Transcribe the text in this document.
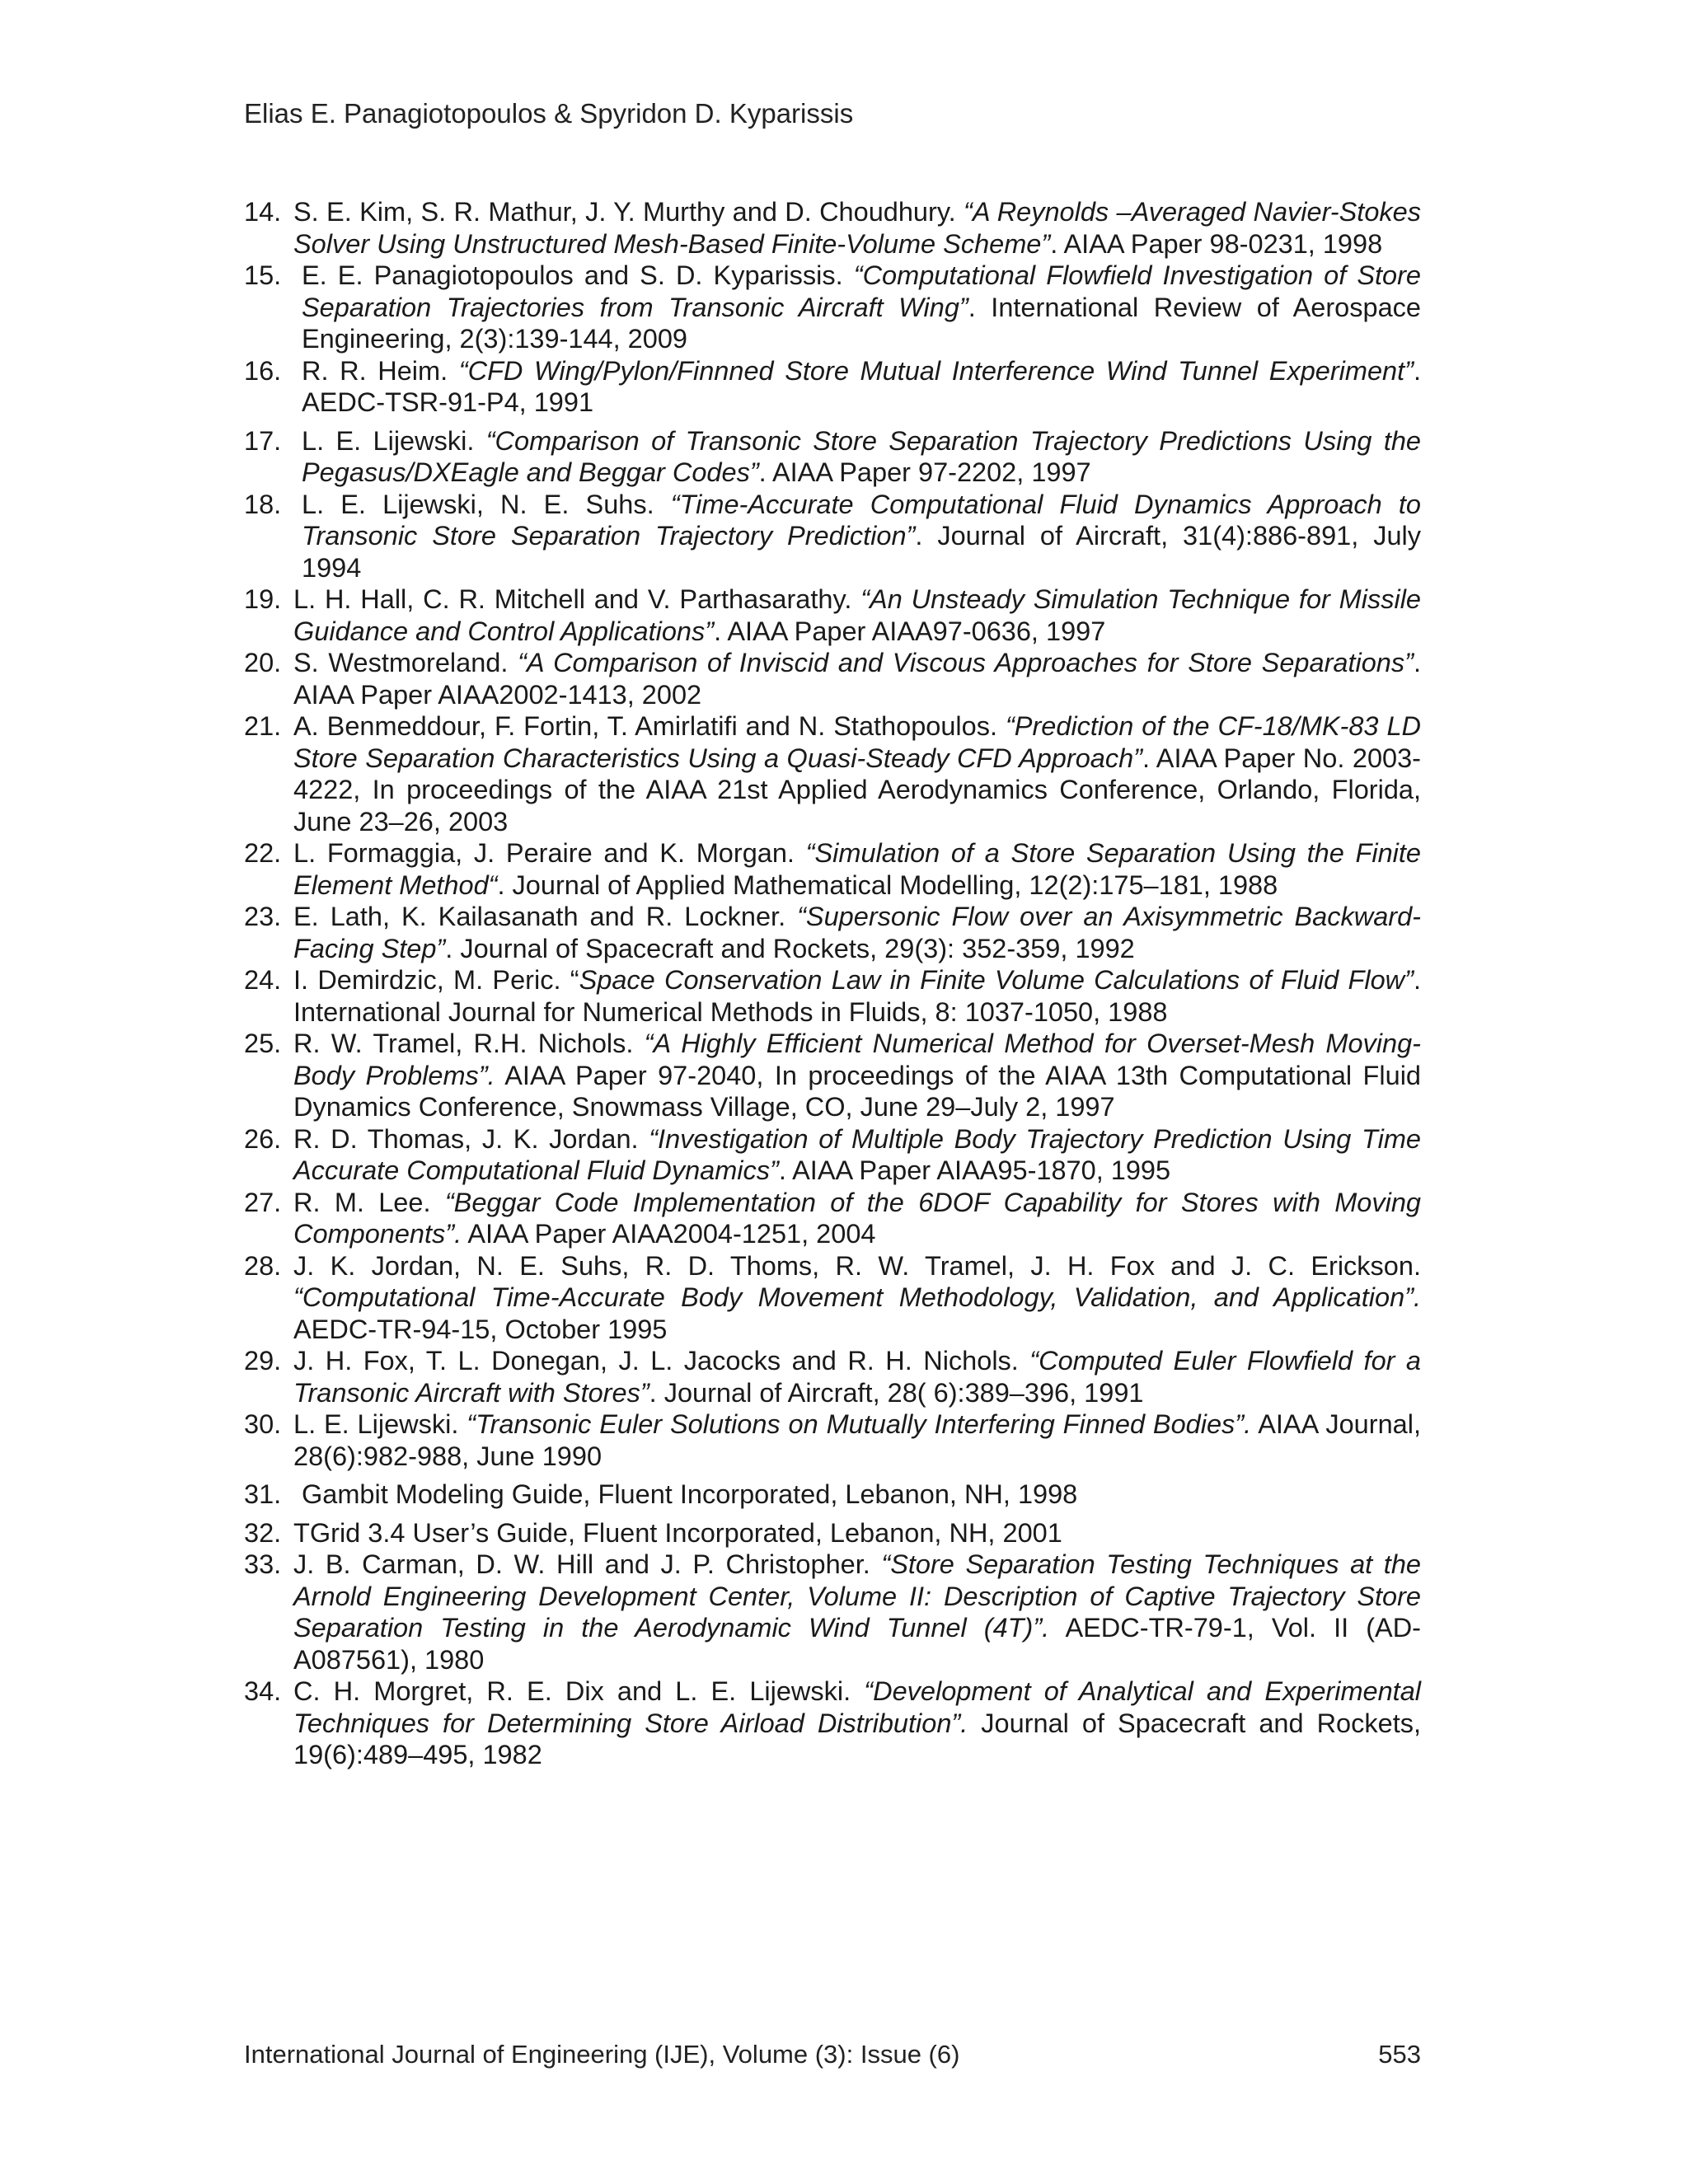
Elias E. Panagiotopoulos & Spyridon D. Kyparissis
14. S. E. Kim, S. R. Mathur, J. Y. Murthy and D. Choudhury. “A Reynolds –Averaged Navier-Stokes Solver Using Unstructured Mesh-Based Finite-Volume Scheme”. AIAA Paper 98-0231, 1998
15. E. E. Panagiotopoulos and S. D. Kyparissis. “Computational Flowfield Investigation of Store Separation Trajectories from Transonic Aircraft Wing”. International Review of Aerospace Engineering, 2(3):139-144, 2009
16. R. R. Heim. “CFD Wing/Pylon/Finnned Store Mutual Interference Wind Tunnel Experiment”. AEDC-TSR-91-P4, 1991
17. L. E. Lijewski. “Comparison of Transonic Store Separation Trajectory Predictions Using the Pegasus/DXEagle and Beggar Codes”. AIAA Paper 97-2202, 1997
18. L. E. Lijewski, N. E. Suhs. “Time-Accurate Computational Fluid Dynamics Approach to Transonic Store Separation Trajectory Prediction”. Journal of Aircraft, 31(4):886-891, July 1994
19. L. H. Hall, C. R. Mitchell and V. Parthasarathy. “An Unsteady Simulation Technique for Missile Guidance and Control Applications”. AIAA Paper AIAA97-0636, 1997
20. S. Westmoreland. “A Comparison of Inviscid and Viscous Approaches for Store Separations”. AIAA Paper AIAA2002-1413, 2002
21. A. Benmeddour, F. Fortin, T. Amirlatifi and N. Stathopoulos. “Prediction of the CF-18/MK-83 LD Store Separation Characteristics Using a Quasi-Steady CFD Approach”. AIAA Paper No. 2003-4222, In proceedings of the AIAA 21st Applied Aerodynamics Conference, Orlando, Florida, June 23–26, 2003
22. L. Formaggia, J. Peraire and K. Morgan. “Simulation of a Store Separation Using the Finite Element Method“. Journal of Applied Mathematical Modelling, 12(2):175–181, 1988
23. E. Lath, K. Kailasanath and R. Lockner. “Supersonic Flow over an Axisymmetric Backward-Facing Step”. Journal of Spacecraft and Rockets, 29(3): 352-359, 1992
24. I. Demirdzic, M. Peric. “Space Conservation Law in Finite Volume Calculations of Fluid Flow”. International Journal for Numerical Methods in Fluids, 8: 1037-1050, 1988
25. R. W. Tramel, R.H. Nichols. “A Highly Efficient Numerical Method for Overset-Mesh Moving-Body Problems”. AIAA Paper 97-2040, In proceedings of the AIAA 13th Computational Fluid Dynamics Conference, Snowmass Village, CO, June 29–July 2, 1997
26. R. D. Thomas, J. K. Jordan. “Investigation of Multiple Body Trajectory Prediction Using Time Accurate Computational Fluid Dynamics”. AIAA Paper AIAA95-1870, 1995
27. R. M. Lee. “Beggar Code Implementation of the 6DOF Capability for Stores with Moving Components”. AIAA Paper AIAA2004-1251, 2004
28. J. K. Jordan, N. E. Suhs, R. D. Thoms, R. W. Tramel, J. H. Fox and J. C. Erickson. “Computational Time-Accurate Body Movement Methodology, Validation, and Application”. AEDC-TR-94-15, October 1995
29. J. H. Fox, T. L. Donegan, J. L. Jacocks and R. H. Nichols. “Computed Euler Flowfield for a Transonic Aircraft with Stores”. Journal of Aircraft, 28( 6):389–396, 1991
30. L. E. Lijewski. “Transonic Euler Solutions on Mutually Interfering Finned Bodies”. AIAA Journal, 28(6):982-988, June 1990
31. Gambit Modeling Guide, Fluent Incorporated, Lebanon, NH, 1998
32. TGrid 3.4 User’s Guide, Fluent Incorporated, Lebanon, NH, 2001
33. J. B. Carman, D. W. Hill and J. P. Christopher. “Store Separation Testing Techniques at the Arnold Engineering Development Center, Volume II: Description of Captive Trajectory Store Separation Testing in the Aerodynamic Wind Tunnel (4T)”. AEDC-TR-79-1, Vol. II (AD-A087561), 1980
34. C. H. Morgret, R. E. Dix and L. E. Lijewski. “Development of Analytical and Experimental Techniques for Determining Store Airload Distribution”. Journal of Spacecraft and Rockets, 19(6):489–495, 1982
International Journal of Engineering (IJE), Volume (3): Issue (6)	553
